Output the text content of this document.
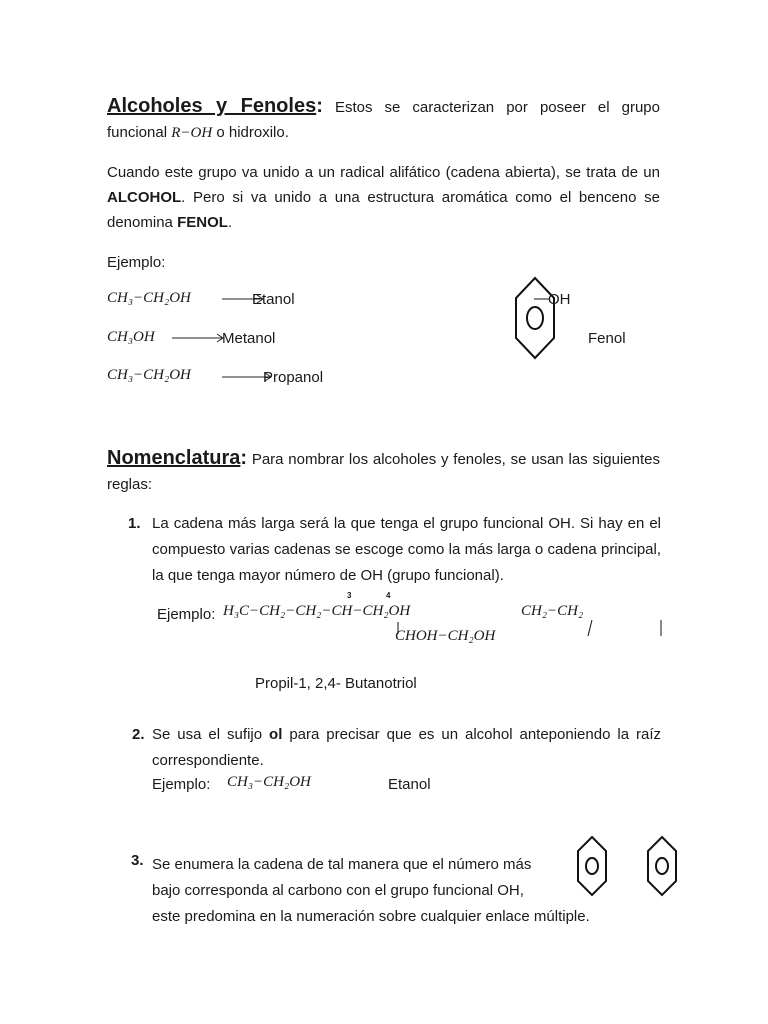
Alcoholes y Fenoles: Estos se caracterizan por poseer el grupo
funcional R−OH o hidroxilo.
Cuando este grupo va unido a un radical alifático (cadena abierta), se trata de un ALCOHOL. Pero si va unido a una estructura aromática como el benceno se denomina FENOL.
Ejemplo:
CH₃−CH₂OH	Etanol
CH₃OH	Metanol
CH₃−CH₂OH	Propanol
OH
Fenol
Nomenclatura: Para nombrar los alcoholes y fenoles, se usan las siguientes reglas:
1. La cadena más larga será la que tenga el grupo funcional OH. Si hay en el compuesto varias cadenas se escoge como la más larga o cadena principal, la que tenga mayor número de OH (grupo funcional).
3	4
Ejemplo: H₃C−CH₂−CH₂−CH−CH₂OH
CHOH−CH₂OH
CH₂−CH₂
Propil-1, 2,4- Butanotriol
2. Se usa el sufijo ol para precisar que es un alcohol anteponiendo la raíz correspondiente.
Ejemplo: CH₃−CH₂OH	Etanol
3. Se enumera la cadena de tal manera que el número más
bajo corresponda al carbono con el grupo funcional OH,
este predomina en la numeración sobre cualquier enlace múltiple.
